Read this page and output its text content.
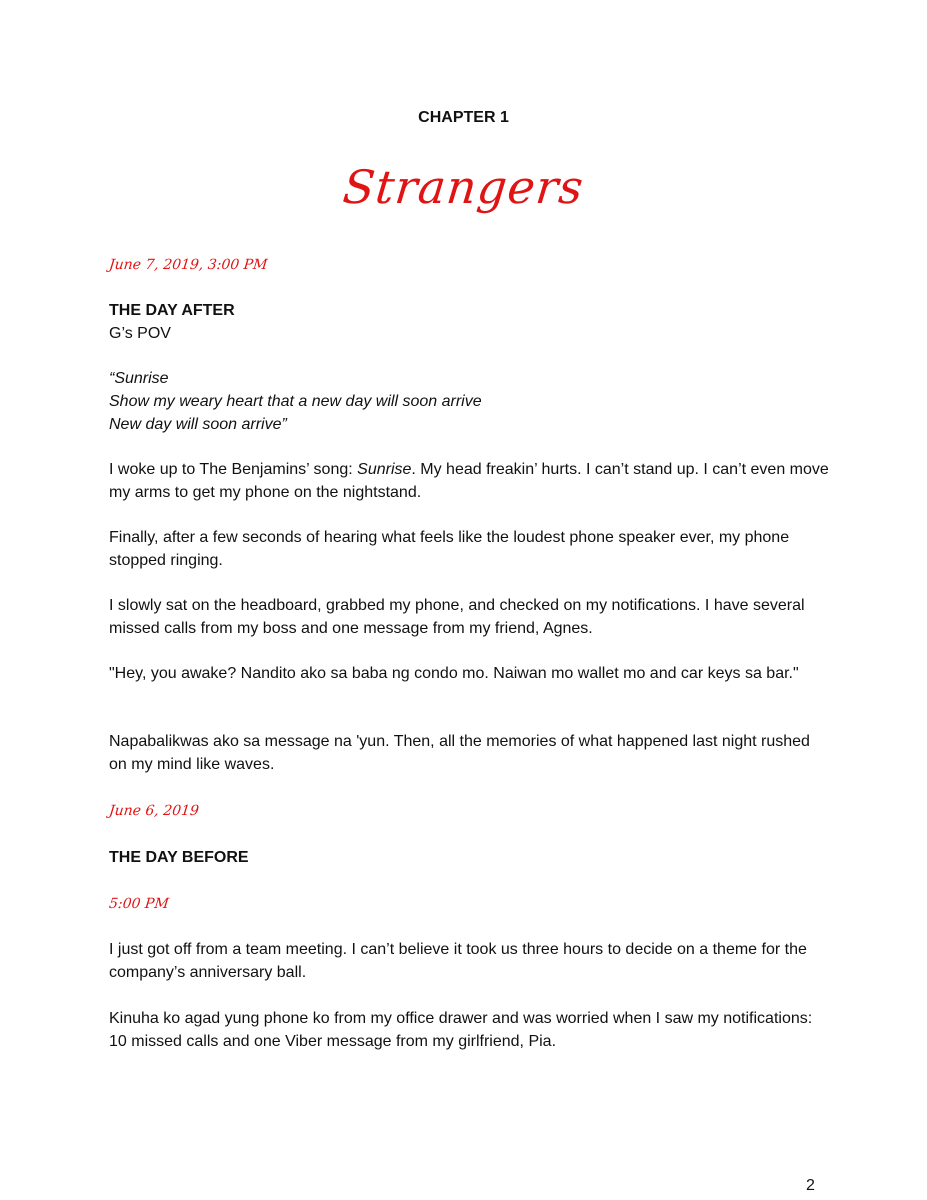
CHAPTER 1
Strangers
June 7, 2019, 3:00 PM
THE DAY AFTER
G’s POV
“Sunrise
Show my weary heart that a new day will soon arrive
New day will soon arrive”

I woke up to The Benjamins’ song: Sunrise. My head freakin’ hurts. I can’t stand up. I can’t even move my arms to get my phone on the nightstand.

Finally, after a few seconds of hearing what feels like the loudest phone speaker ever, my phone stopped ringing.

I slowly sat on the headboard, grabbed my phone, and checked on my notifications. I have several missed calls from my boss and one message from my friend, Agnes.

"Hey, you awake? Nandito ako sa baba ng condo mo. Naiwan mo wallet mo and car keys sa bar."

Napabalikwas ako sa message na 'yun. Then, all the memories of what happened last night rushed on my mind like waves.

June 6, 2019
THE DAY BEFORE
5:00 PM

I just got off from a team meeting. I can’t believe it took us three hours to decide on a theme for the company’s anniversary ball.

Kinuha ko agad yung phone ko from my office drawer and was worried when I saw my notifications: 10 missed calls and one Viber message from my girlfriend, Pia.

2
